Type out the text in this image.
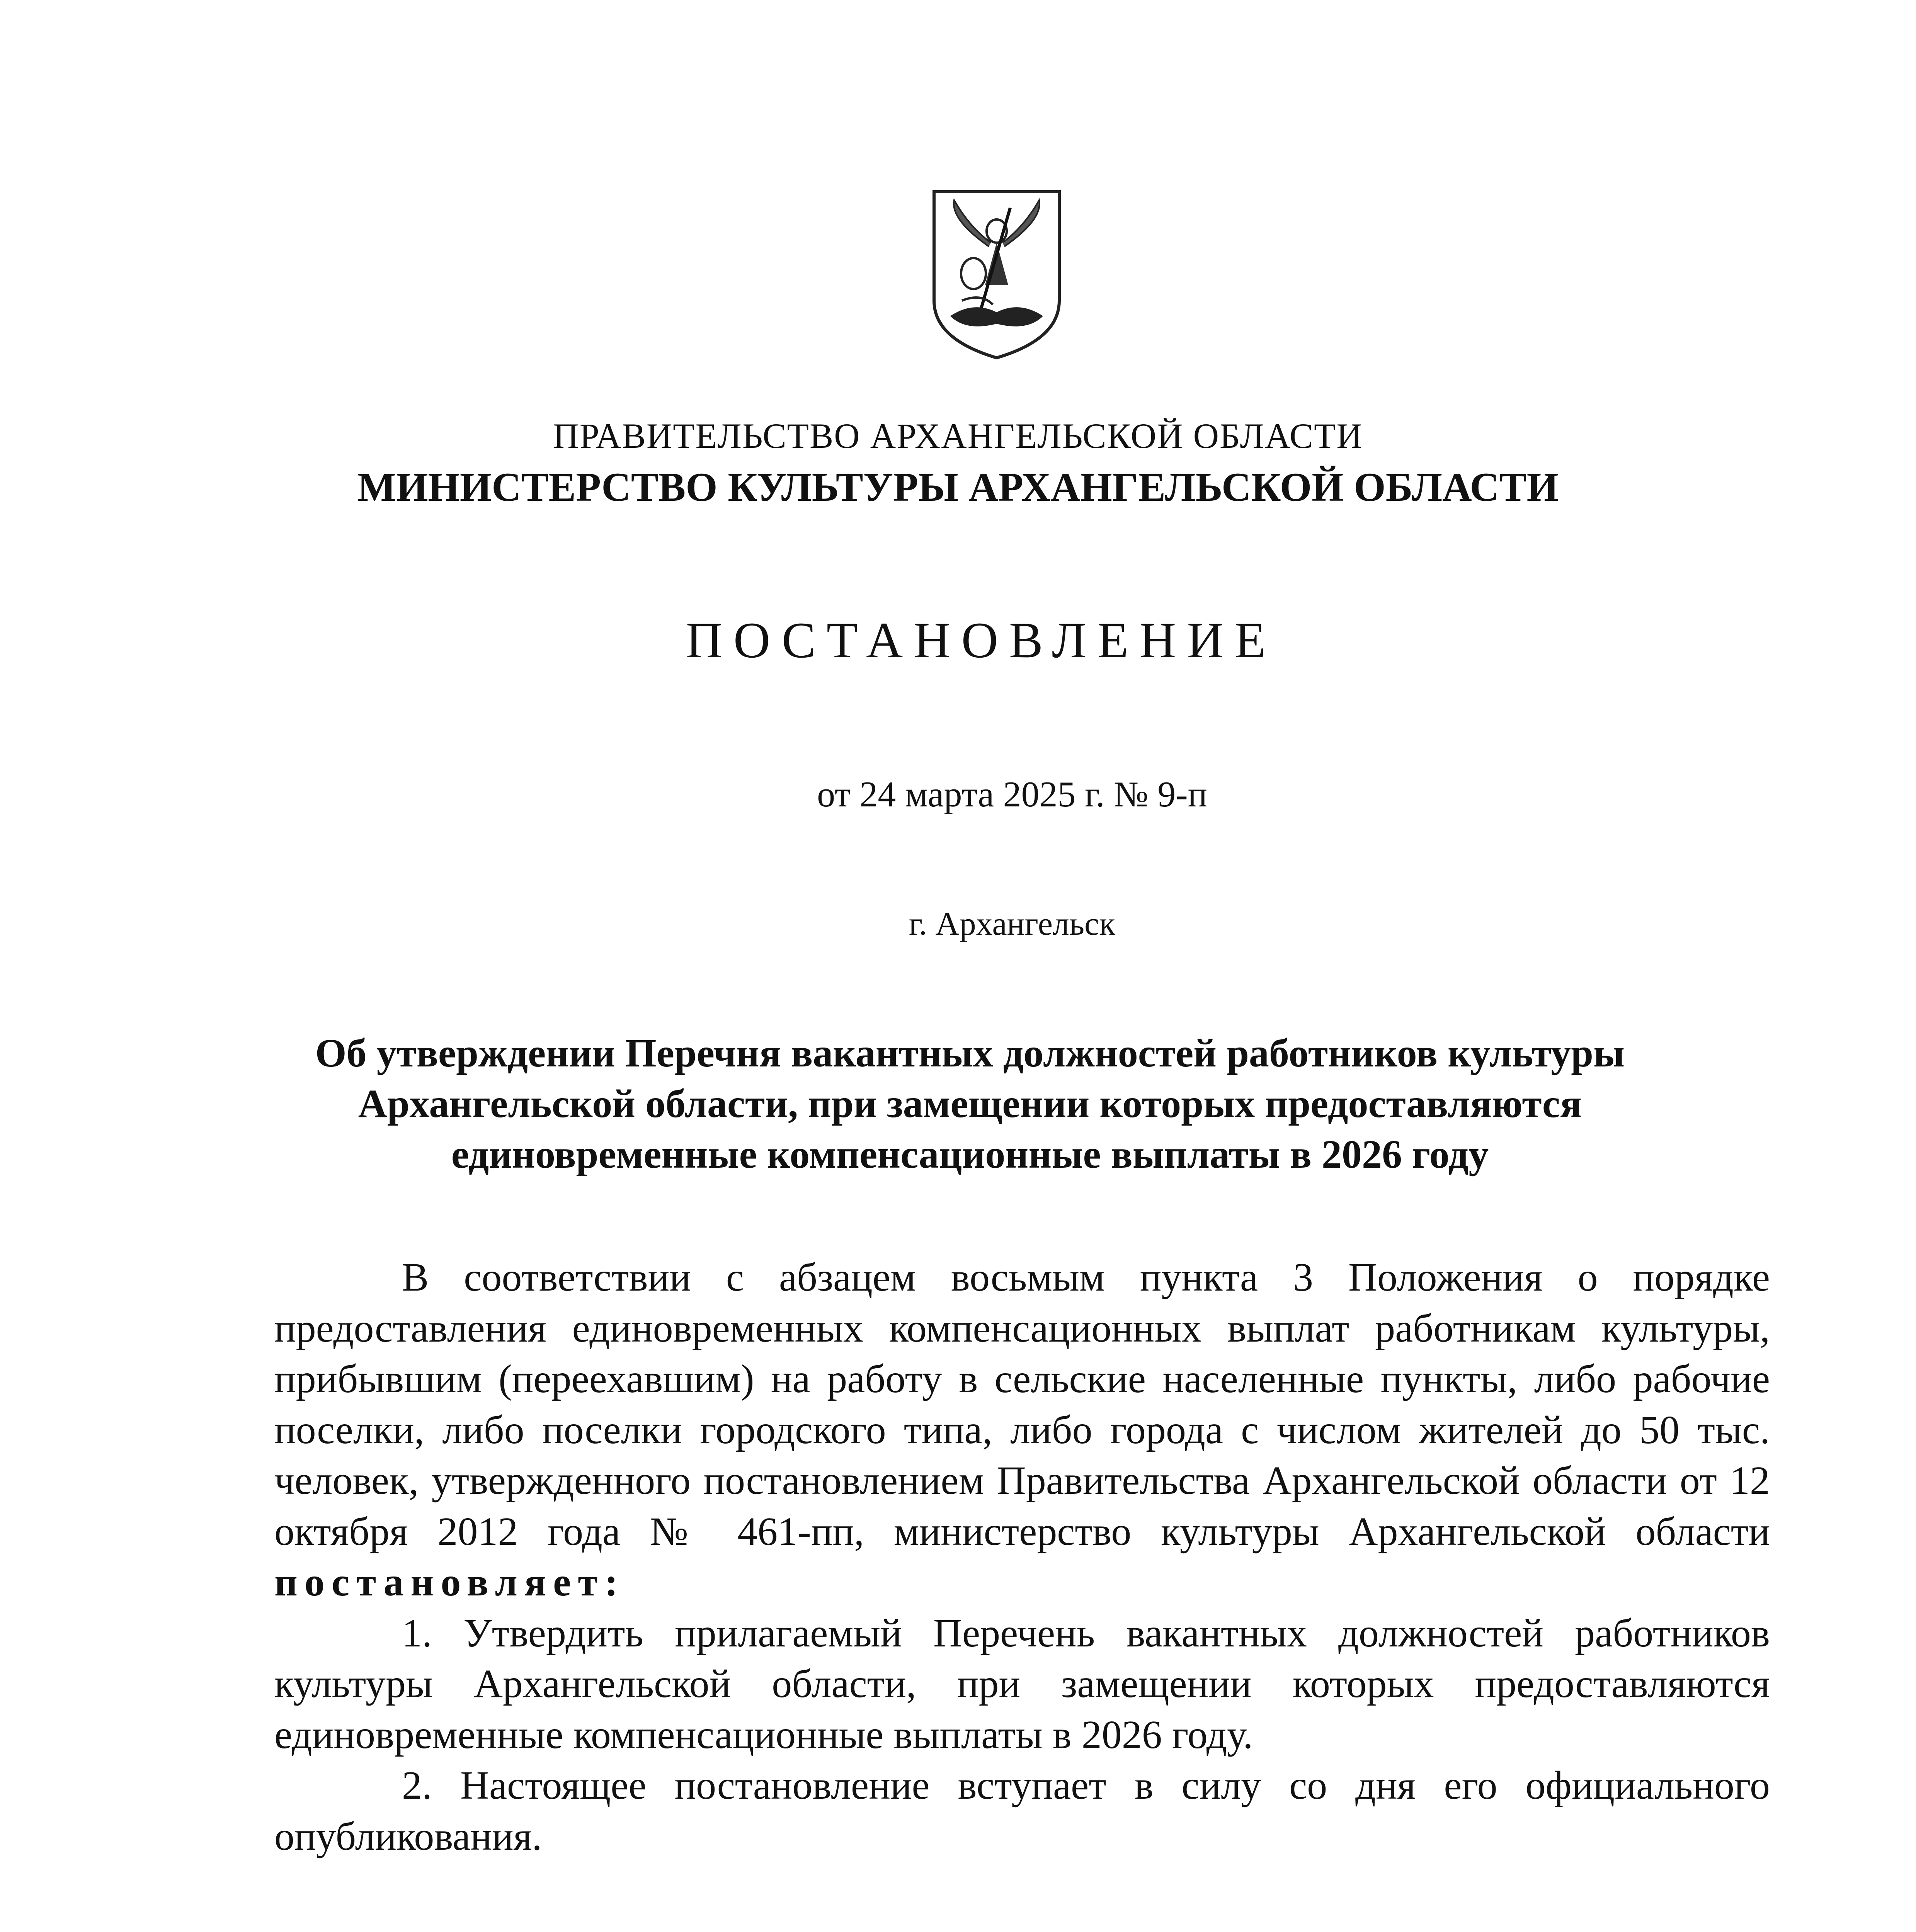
ПРАВИТЕЛЬСТВО АРХАНГЕЛЬСКОЙ ОБЛАСТИ
МИНИСТЕРСТВО КУЛЬТУРЫ АРХАНГЕЛЬСКОЙ ОБЛАСТИ
ПОСТАНОВЛЕНИЕ
от 24 марта 2025 г. № 9-п
г. Архангельск
Об утверждении Перечня вакантных должностей работников культуры Архангельской области, при замещении которых предоставляются единовременные компенсационные выплаты в 2026 году

В соответствии с абзацем восьмым пункта 3 Положения о порядке предоставления единовременных компенсационных выплат работникам культуры, прибывшим (переехавшим) на работу в сельские населенные пункты, либо рабочие поселки, либо поселки городского типа, либо города с числом жителей до 50 тыс. человек, утвержденного постановлением Правительства Архангельской области от 12 октября 2012 года № 461-пп, министерство культуры Архангельской области постановляет:

1. Утвердить прилагаемый Перечень вакантных должностей работников культуры Архангельской области, при замещении которых предоставляются единовременные компенсационные выплаты в 2026 году.

2. Настоящее постановление вступает в силу со дня его официального опубликования.
